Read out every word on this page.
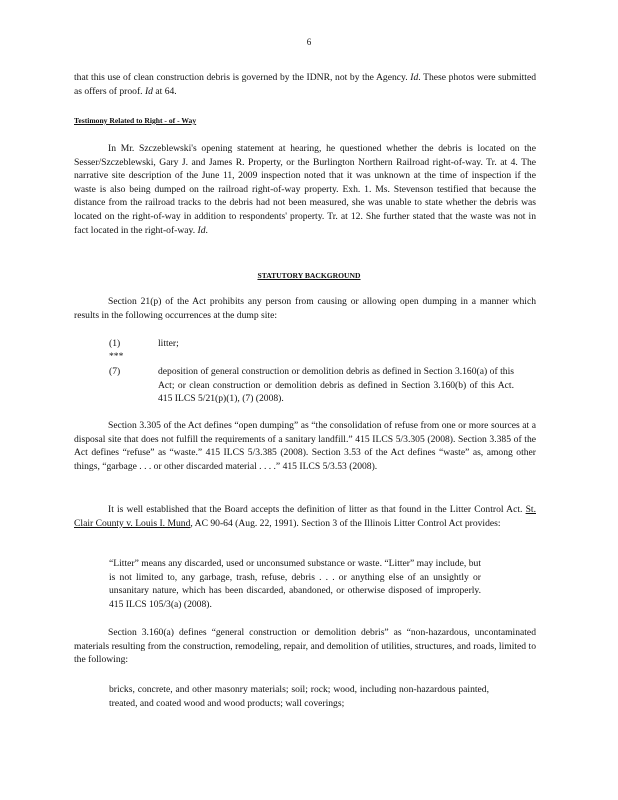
6
that this use of clean construction debris is governed by the IDNR, not by the Agency. Id. These photos were submitted as offers of proof. Id at 64.
Testimony Related to Right - of - Way
In Mr. Szczeblewski's opening statement at hearing, he questioned whether the debris is located on the Sesser/Szczeblewski, Gary J. and James R. Property, or the Burlington Northern Railroad right-of-way. Tr. at 4. The narrative site description of the June 11, 2009 inspection noted that it was unknown at the time of inspection if the waste is also being dumped on the railroad right-of-way property. Exh. 1. Ms. Stevenson testified that because the distance from the railroad tracks to the debris had not been measured, she was unable to state whether the debris was located on the right-of-way in addition to respondents' property. Tr. at 12. She further stated that the waste was not in fact located in the right-of-way. Id.
STATUTORY BACKGROUND
Section 21(p) of the Act prohibits any person from causing or allowing open dumping in a manner which results in the following occurrences at the dump site:
(1)	litter;
***
(7)	deposition of general construction or demolition debris as defined in Section 3.160(a) of this Act; or clean construction or demolition debris as defined in Section 3.160(b) of this Act. 415 ILCS 5/21(p)(1), (7) (2008).
Section 3.305 of the Act defines “open dumping” as “the consolidation of refuse from one or more sources at a disposal site that does not fulfill the requirements of a sanitary landfill.” 415 ILCS 5/3.305 (2008). Section 3.385 of the Act defines “refuse” as “waste.” 415 ILCS 5/3.385 (2008). Section 3.53 of the Act defines “waste” as, among other things, “garbage . . . or other discarded material . . . .” 415 ILCS 5/3.53 (2008).
It is well established that the Board accepts the definition of litter as that found in the Litter Control Act. St. Clair County v. Louis I. Mund, AC 90-64 (Aug. 22, 1991). Section 3 of the Illinois Litter Control Act provides:
“Litter” means any discarded, used or unconsumed substance or waste. “Litter” may include, but is not limited to, any garbage, trash, refuse, debris . . . or anything else of an unsightly or unsanitary nature, which has been discarded, abandoned, or otherwise disposed of improperly. 415 ILCS 105/3(a) (2008).
Section 3.160(a) defines “general construction or demolition debris” as “non-hazardous, uncontaminated materials resulting from the construction, remodeling, repair, and demolition of utilities, structures, and roads, limited to the following:
bricks, concrete, and other masonry materials; soil; rock; wood, including non-hazardous painted, treated, and coated wood and wood products; wall coverings;
